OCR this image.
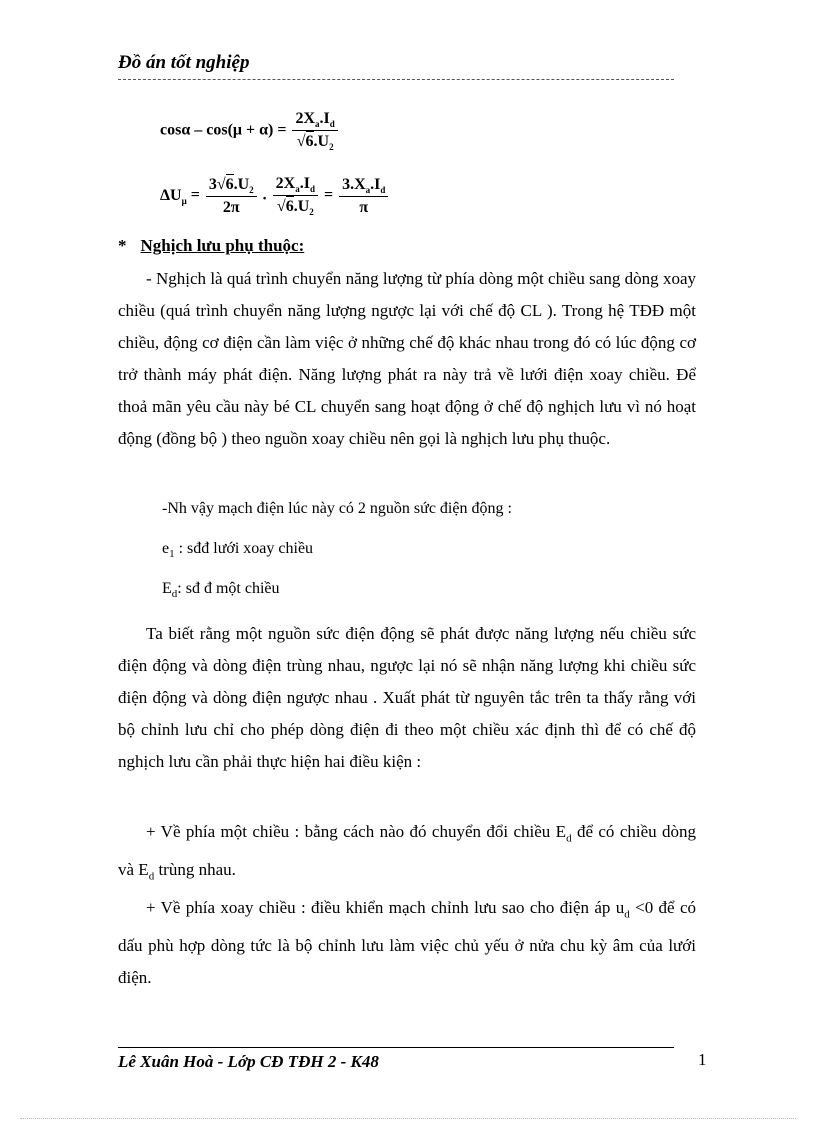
Đồ án tốt nghiệp
$\cos\alpha - \cos(\mu + \alpha) = \frac{2X_a.I_d}{√6.U_2}$
$\Delta U_\mu = \frac{3√6.U_2}{2\pi}$ . $\frac{2X_a.I_d}{√6.U_2} = \frac{3.X_a.I_d}{\pi}$
* Nghịch lưu phụ thuộc:
- Nghịch là quá trình chuyển năng lượng từ phía dòng một chiều sang dòng xoay chiều (quá trình chuyển năng lượng ngược lại với chế độ CL ). Trong hệ TĐĐ một chiều, động cơ điện cần làm việc ở những chế độ khác nhau trong đó có lúc động cơ trở thành máy phát điện. Năng lượng phát ra này trả về lưới điện xoay chiều. Để thoả mãn yêu cầu này bé CL chuyển sang hoạt động ở chế độ nghịch lưu vì nó hoạt động (đồng bộ ) theo nguồn xoay chiều nên gọi là nghịch lưu phụ thuộc.
-Nh vậy mạch điện lúc này có 2 nguồn sức điện động :
$e_1$ : sđđ lưới xoay chiều
$E_d$: sđ đ một chiều
Ta biết rằng một nguồn sức điện động sẽ phát được năng lượng nếu chiều sức điện động và dòng điện trùng nhau, ngược lại nó sẽ nhận năng lượng khi chiều sức điện động và dòng điện ngược nhau . Xuất phát từ nguyên tắc trên ta thấy rằng với bộ chỉnh lưu chỉ cho phép dòng điện đi theo một chiều xác định thì để có chế độ nghịch lưu cần phải thực hiện hai điều kiện :
+ Về phía một chiều : bằng cách nào đó chuyển đổi chiều $E_d$ để có chiều dòng và $E_d$ trùng nhau.
+ Về phía xoay chiều : điều khiển mạch chỉnh lưu sao cho điện áp $u_d <0$ để có dấu phù hợp dòng tức là bộ chỉnh lưu làm việc chủ yếu ở nửa chu kỳ âm của lưới điện.
Lê Xuân Hoà - Lớp CĐ TĐH 2 - K48	1
